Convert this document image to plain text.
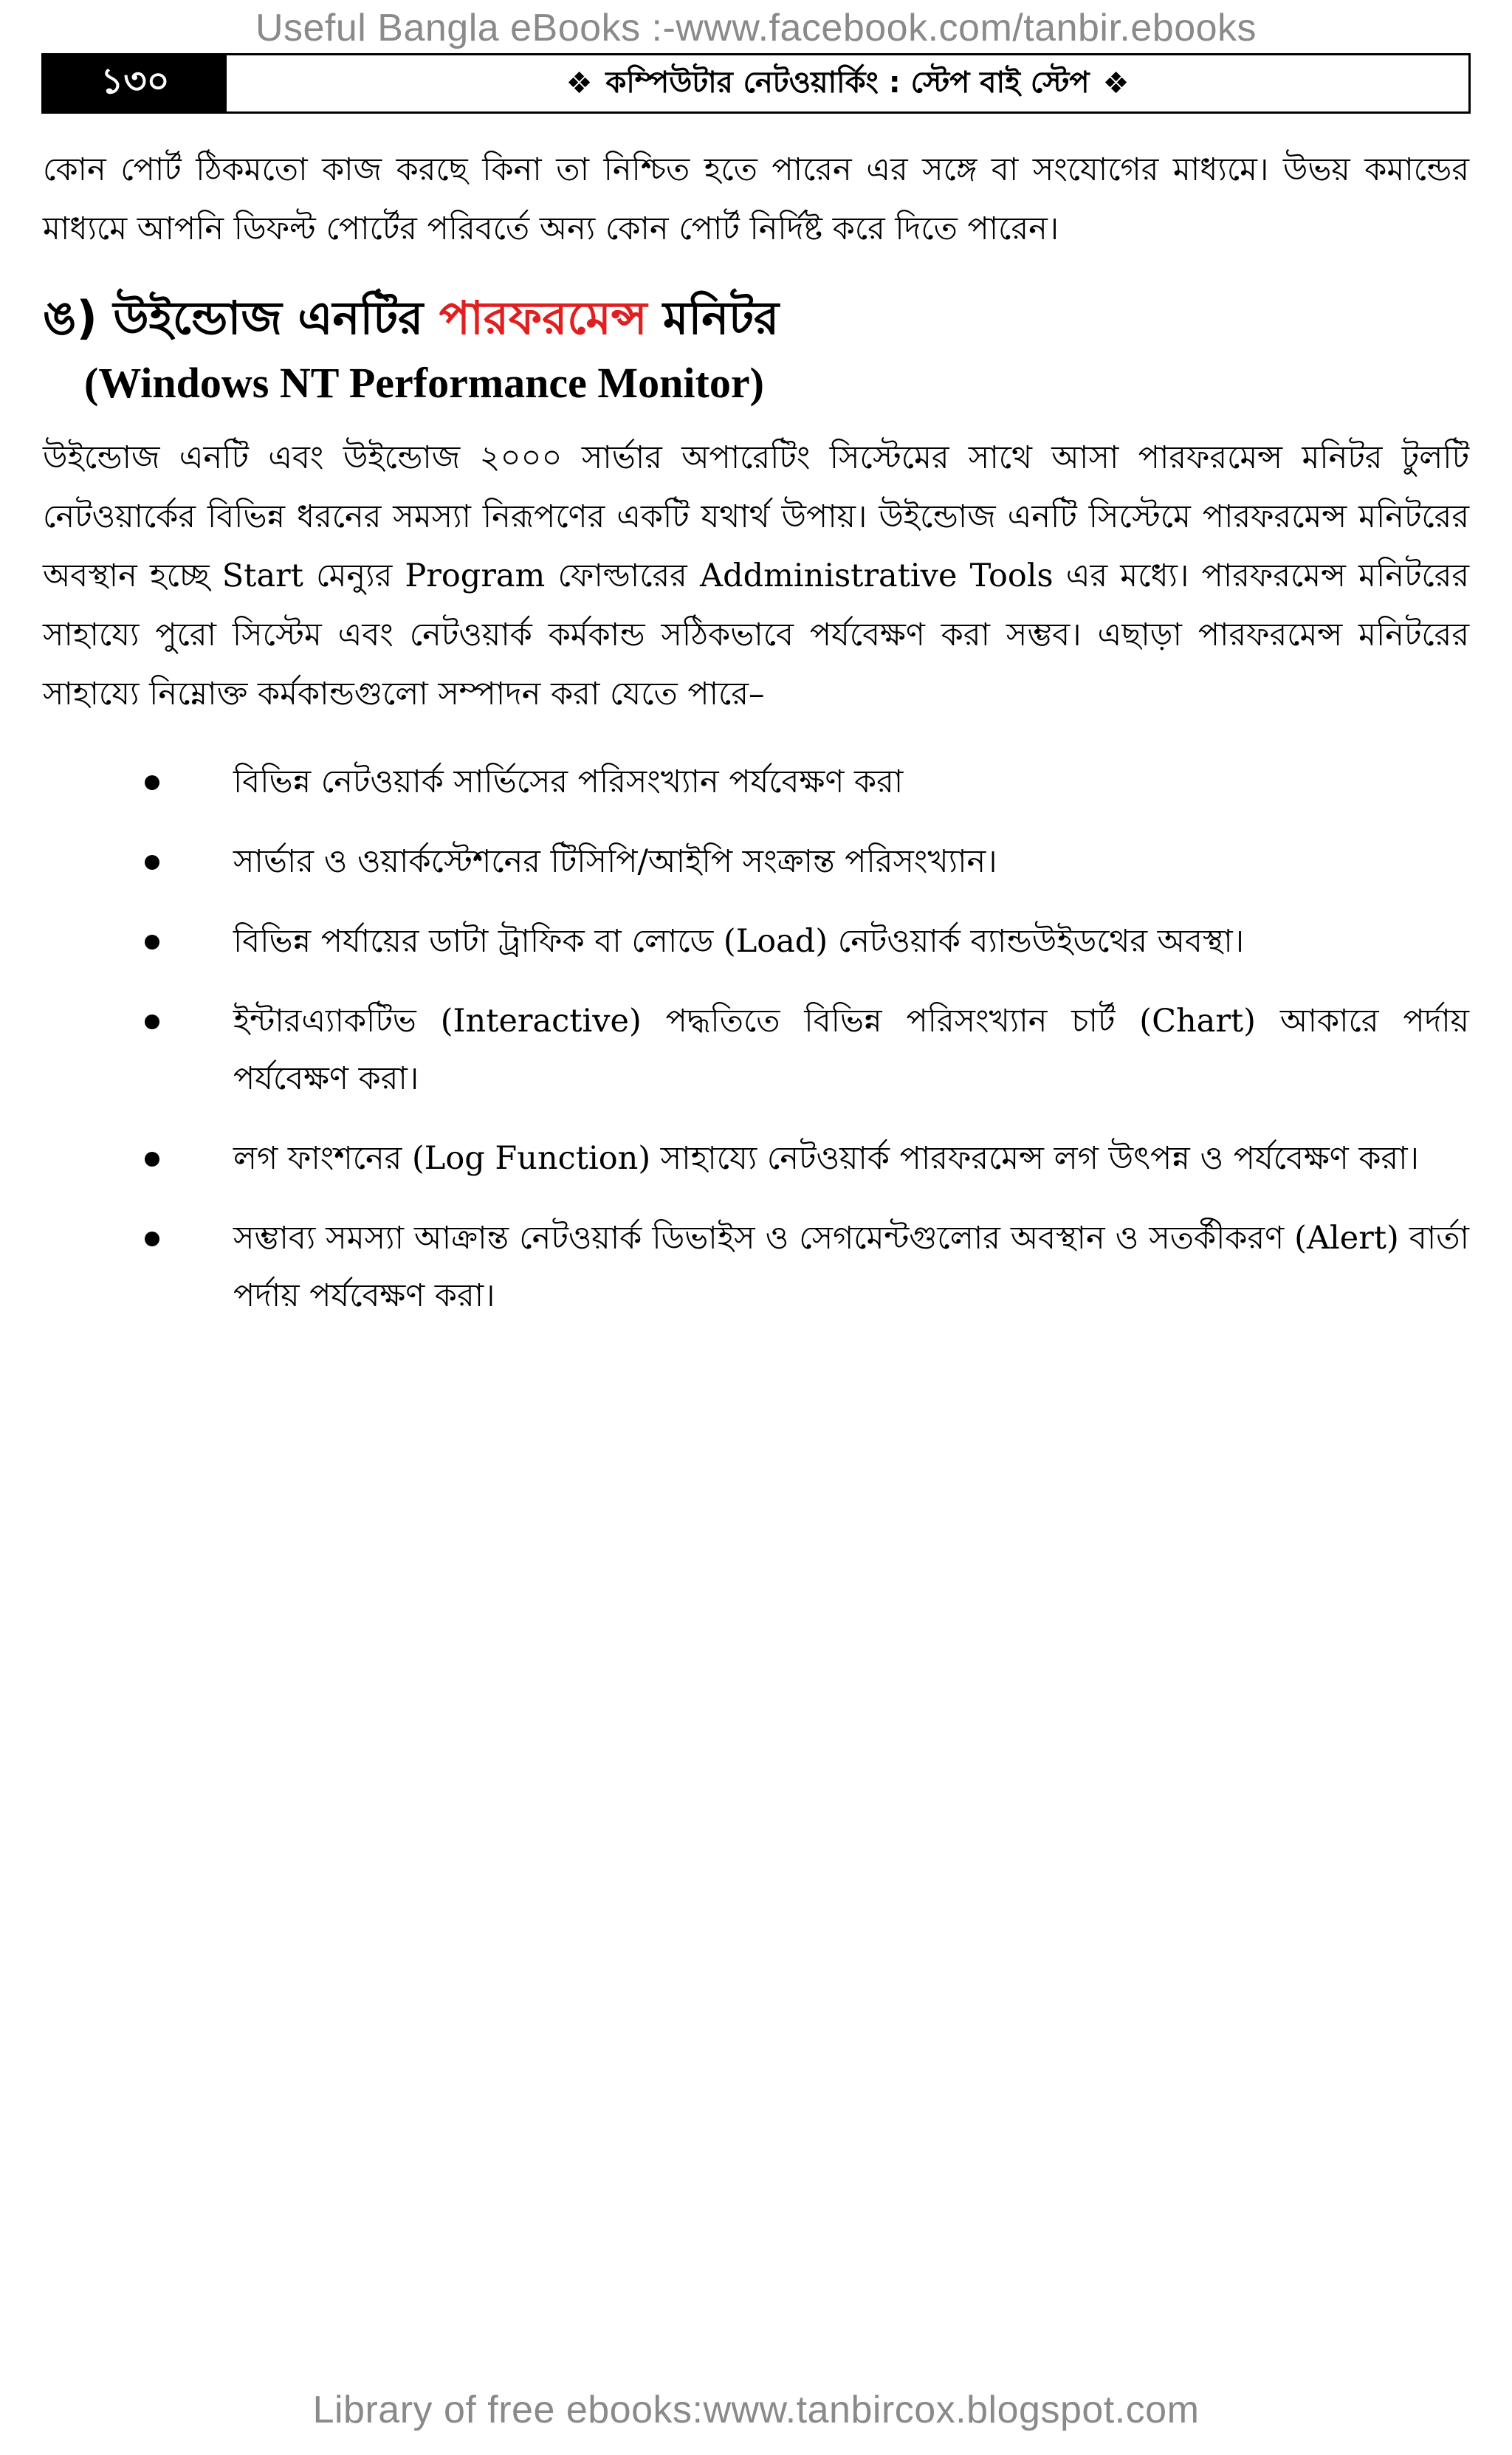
Useful Bangla eBooks :-www.facebook.com/tanbir.ebooks
১৩০	❖ কম্পিউটার নেটওয়ার্কিং : স্টেপ বাই স্টেপ ❖

কোন পোর্ট ঠিকমতো কাজ করছে কিনা তা নিশ্চিত হতে পারেন এর সঙ্গে বা সংযোগের মাধ্যমে। উভয় কমান্ডের মাধ্যমে আপনি ডিফল্ট পোর্টের পরিবর্তে অন্য কোন পোর্ট নির্দিষ্ট করে দিতে পারেন।

ঙ) উইন্ডোজ এনটির পারফরমেন্স মনিটর
(Windows NT Performance Monitor)

উইন্ডোজ এনটি এবং উইন্ডোজ ২০০০ সার্ভার অপারেটিং সিস্টেমের সাথে আসা পারফরমেন্স মনিটর টুলটি নেটওয়ার্কের বিভিন্ন ধরনের সমস্যা নিরূপণের একটি যথার্থ উপায়। উইন্ডোজ এনটি সিস্টেমে পারফরমেন্স মনিটরের অবস্থান হচ্ছে Start মেন্যুর Program ফোল্ডারের Addministrative Tools এর মধ্যে। পারফরমেন্স মনিটরের সাহায্যে পুরো সিস্টেম এবং নেটওয়ার্ক কর্মকান্ড সঠিকভাবে পর্যবেক্ষণ করা সম্ভব। এছাড়া পারফরমেন্স মনিটরের সাহায্যে নিম্নোক্ত কর্মকান্ডগুলো সম্পাদন করা যেতে পারে–

বিভিন্ন নেটওয়ার্ক সার্ভিসের পরিসংখ্যান পর্যবেক্ষণ করা
সার্ভার ও ওয়ার্কস্টেশনের টিসিপি/আইপি সংক্রান্ত পরিসংখ্যান।
বিভিন্ন পর্যায়ের ডাটা ট্রাফিক বা লোডে (Load) নেটওয়ার্ক ব্যান্ডউইডথের অবস্থা।
ইন্টারএ্যাকটিভ (Interactive) পদ্ধতিতে বিভিন্ন পরিসংখ্যান চার্ট (Chart) আকারে পর্দায় পর্যবেক্ষণ করা।
লগ ফাংশনের (Log Function) সাহায্যে নেটওয়ার্ক পারফরমেন্স লগ উৎপন্ন ও পর্যবেক্ষণ করা।
সম্ভাব্য সমস্যা আক্রান্ত নেটওয়ার্ক ডিভাইস ও সেগমেন্টগুলোর অবস্থান ও সতর্কীকরণ (Alert) বার্তা পর্দায় পর্যবেক্ষণ করা।
Library of free ebooks:www.tanbircox.blogspot.com
